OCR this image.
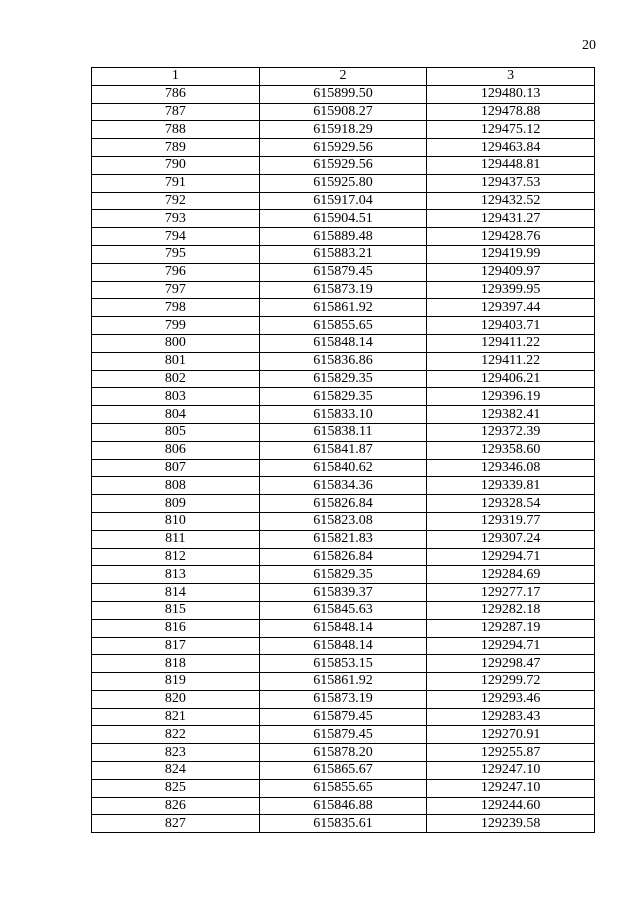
20
1	2	3
786	615899.50	129480.13
787	615908.27	129478.88
788	615918.29	129475.12
789	615929.56	129463.84
790	615929.56	129448.81
791	615925.80	129437.53
792	615917.04	129432.52
793	615904.51	129431.27
794	615889.48	129428.76
795	615883.21	129419.99
796	615879.45	129409.97
797	615873.19	129399.95
798	615861.92	129397.44
799	615855.65	129403.71
800	615848.14	129411.22
801	615836.86	129411.22
802	615829.35	129406.21
803	615829.35	129396.19
804	615833.10	129382.41
805	615838.11	129372.39
806	615841.87	129358.60
807	615840.62	129346.08
808	615834.36	129339.81
809	615826.84	129328.54
810	615823.08	129319.77
811	615821.83	129307.24
812	615826.84	129294.71
813	615829.35	129284.69
814	615839.37	129277.17
815	615845.63	129282.18
816	615848.14	129287.19
817	615848.14	129294.71
818	615853.15	129298.47
819	615861.92	129299.72
820	615873.19	129293.46
821	615879.45	129283.43
822	615879.45	129270.91
823	615878.20	129255.87
824	615865.67	129247.10
825	615855.65	129247.10
826	615846.88	129244.60
827	615835.61	129239.58
